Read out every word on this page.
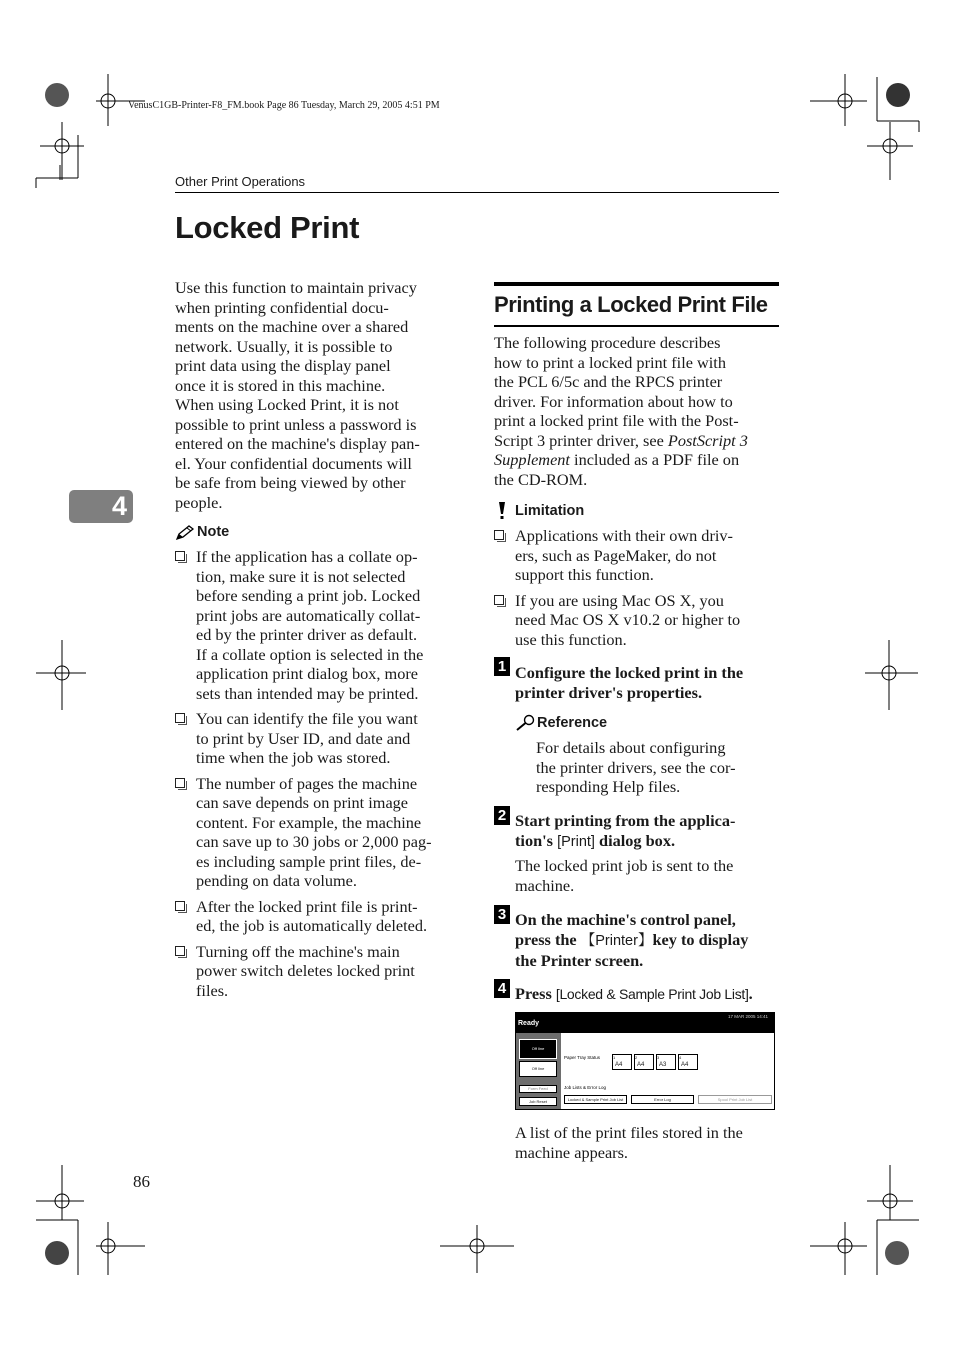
VenusC1GB-Printer-F8_FM.book Page 86 Tuesday, March 29, 2005 4:51 PM
Other Print Operations
Locked Print
4
Use this function to maintain privacy
when printing confidential docu-
ments on the machine over a shared
network. Usually, it is possible to
print data using the display panel
once it is stored in this machine.
When using Locked Print, it is not
possible to print unless a password is
entered on the machine's display pan-
el. Your confidential documents will
be safe from being viewed by other
people.
Note
If the application has a collate op-
tion, make sure it is not selected
before sending a print job. Locked
print jobs are automatically collat-
ed by the printer driver as default.
If a collate option is selected in the
application print dialog box, more
sets than intended may be printed.
You can identify the file you want
to print by User ID, and date and
time when the job was stored.
The number of pages the machine
can save depends on print image
content. For example, the machine
can save up to 30 jobs or 2,000 pag-
es including sample print files, de-
pending on data volume.
After the locked print file is print-
ed, the job is automatically deleted.
Turning off the machine's main
power switch deletes locked print
files.
Printing a Locked Print File
The following procedure describes
how to print a locked print file with
the PCL 6/5c and the RPCS printer
driver. For information about how to
print a locked print file with the Post-
Script 3 printer driver, see PostScript 3
Supplement included as a PDF file on
the CD-ROM.
Limitation
Applications with their own driv-
ers, such as PageMaker, do not
support this function.
If you are using Mac OS X, you
need Mac OS X v10.2 or higher to
use this function.
1 Configure the locked print in the
printer driver's properties.
Reference
For details about configuring
the printer drivers, see the cor-
responding Help files.
2 Start printing from the applica-
tion's [Print] dialog box.
The locked print job is sent to the
machine.
3 On the machine's control panel,
press the 【Printer】key to display
the Printer screen.
4 Press [Locked & Sample Print Job List].
Ready
17 MAR 2005 14:41
Off line
Off line
Form Feed
Job Reset
Paper Tray Status	1
A4
2
A4
3
A3
4
A4
Job Lists & Error Log
Locked & Sample Print Job List	Error Log	Spool Print Job List
A list of the print files stored in the
machine appears.
86
